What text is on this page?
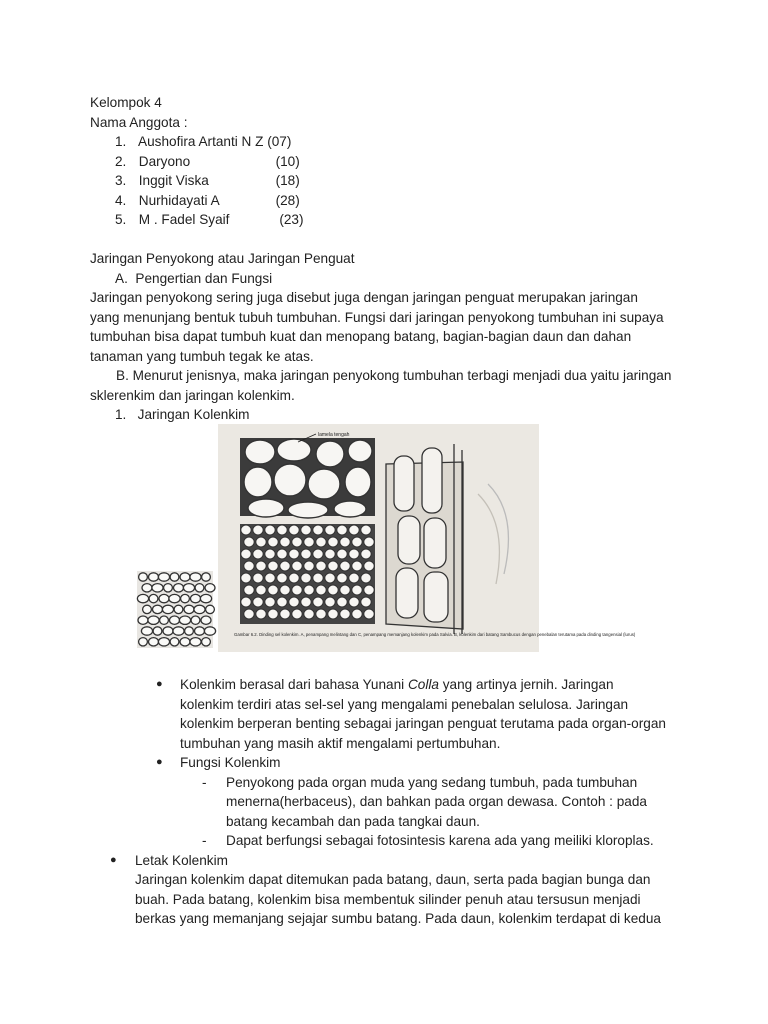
Kelompok 4
Nama Anggota :
1. Aushofira Artanti N Z (07)
2. Daryono	(10)
3. Inggit Viska	(18)
4. Nurhidayati A	(28)
5. M . Fadel Syaif	(23)
Jaringan Penyokong atau Jaringan Penguat
A.  Pengertian dan Fungsi
Jaringan penyokong sering juga disebut juga dengan jaringan penguat merupakan jaringan
yang menunjang bentuk tubuh tumbuhan. Fungsi dari jaringan penyokong tumbuhan ini supaya
tumbuhan bisa dapat tumbuh kuat dan menopang batang, bagian-bagian daun dan dahan
tanaman yang tumbuh tegak ke atas.
B. Menurut jenisnya, maka jaringan penyokong tumbuhan terbagi menjadi dua yaitu jaringan
sklerenkim dan jaringan kolenkim.
1.   Jaringan Kolenkim
lamela tengah
Gambar 6.2. Dinding sel kolenkim. A, penampang melintang dan C, penampang memanjang kolenkim pada Salvia. B, kolenkim dari batang Sambucus dengan penebalan terutama pada dinding tangensial (lurus)
● Kolenkim berasal dari bahasa Yunani Colla yang artinya jernih. Jaringan
kolenkim terdiri atas sel-sel yang mengalami penebalan selulosa. Jaringan
kolenkim berperan benting sebagai jaringan penguat terutama pada organ-organ
tumbuhan yang masih aktif mengalami pertumbuhan.
● Fungsi Kolenkim
- Penyokong pada organ muda yang sedang tumbuh, pada tumbuhan
menerna(herbaceus), dan bahkan pada organ dewasa. Contoh : pada
batang kecambah dan pada tangkai daun.
- Dapat berfungsi sebagai fotosintesis karena ada yang meiliki kloroplas.
● Letak Kolenkim
Jaringan kolenkim dapat ditemukan pada batang, daun, serta pada bagian bunga dan
buah. Pada batang, kolenkim bisa membentuk silinder penuh atau tersusun menjadi
berkas yang memanjang sejajar sumbu batang. Pada daun, kolenkim terdapat di kedua
